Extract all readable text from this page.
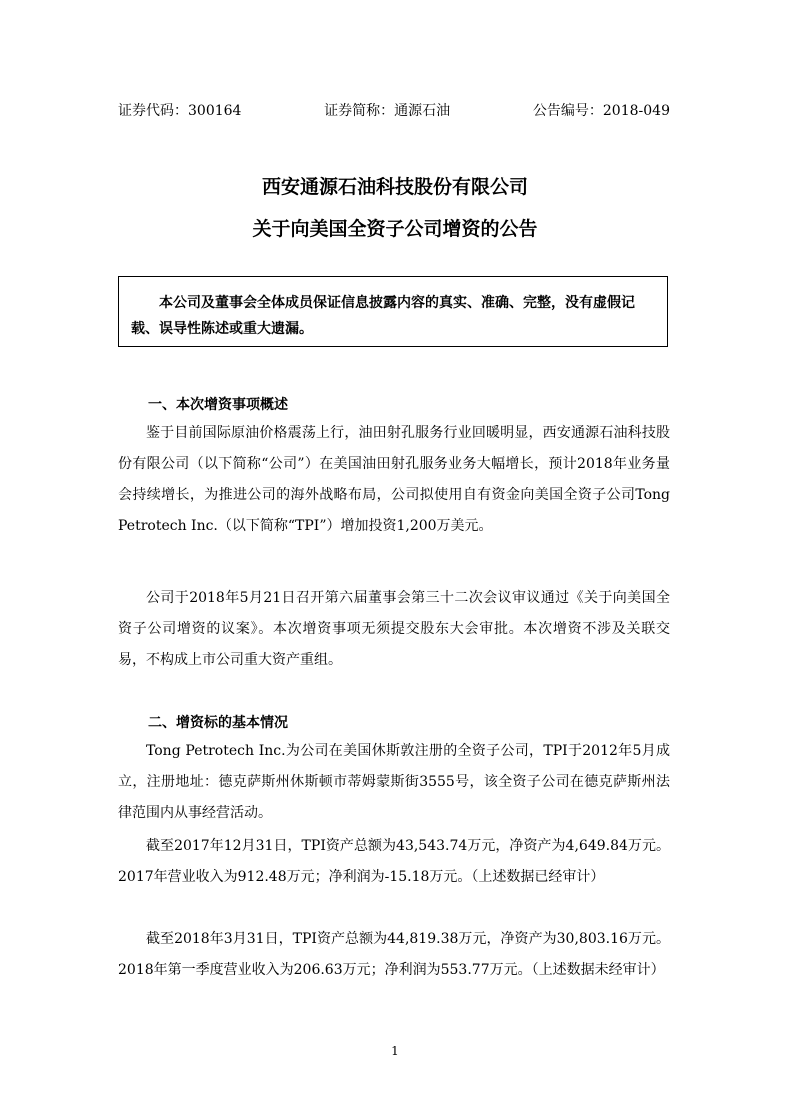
证券代码：300164	证券简称：通源石油	公告编号：2018-049
西安通源石油科技股份有限公司
关于向美国全资子公司增资的公告
本公司及董事会全体成员保证信息披露内容的真实、准确、完整，没有虚假记载、误导性陈述或重大遗漏。
一、本次增资事项概述
鉴于目前国际原油价格震荡上行，油田射孔服务行业回暖明显，西安通源石油科技股份有限公司（以下简称“公司”）在美国油田射孔服务业务大幅增长，预计2018年业务量会持续增长，为推进公司的海外战略布局，公司拟使用自有资金向美国全资子公司Tong Petrotech Inc.（以下简称“TPI”）增加投资1,200万美元。
公司于2018年5月21日召开第六届董事会第三十二次会议审议通过《关于向美国全资子公司增资的议案》。本次增资事项无须提交股东大会审批。本次增资不涉及关联交易，不构成上市公司重大资产重组。
二、增资标的基本情况
Tong Petrotech Inc.为公司在美国休斯敦注册的全资子公司，TPI于2012年5月成立，注册地址：德克萨斯州休斯顿市蒂姆蒙斯街3555号，该全资子公司在德克萨斯州法律范围内从事经营活动。
截至2017年12月31日，TPI资产总额为43,543.74万元，净资产为4,649.84万元。2017年营业收入为912.48万元；净利润为-15.18万元。（上述数据已经审计）
截至2018年3月31日，TPI资产总额为44,819.38万元，净资产为30,803.16万元。2018年第一季度营业收入为206.63万元；净利润为553.77万元。（上述数据未经审计）
1
